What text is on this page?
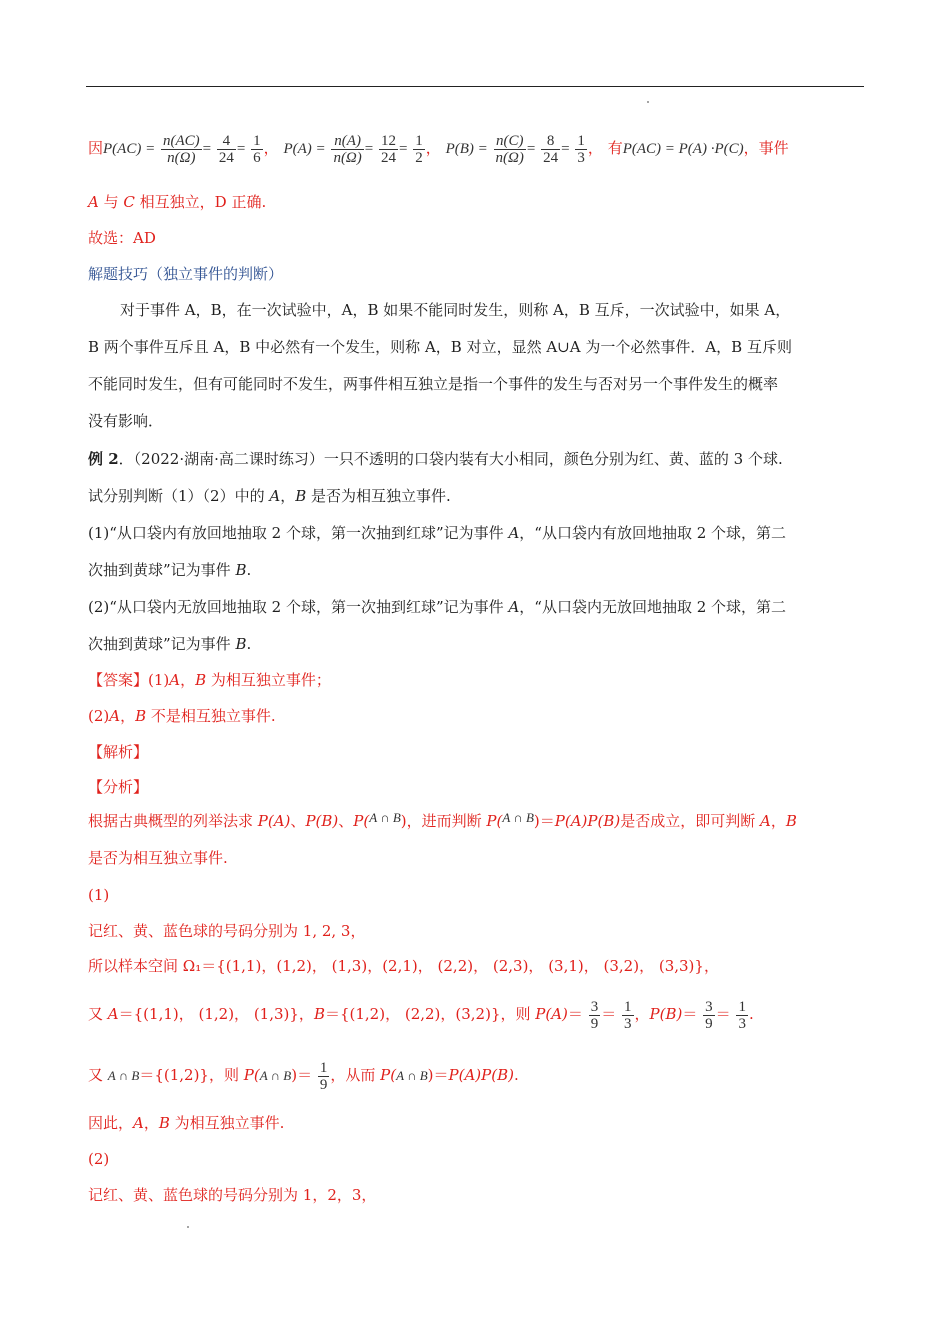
因$P(AC) = \frac{n(AC)}{n(\Omega)} = \frac{4}{24} = \frac{1}{6}$ ， $P(A) = \frac{n(A)}{n(\Omega)} = \frac{12}{24} = \frac{1}{2}$ ， $P(B) = \frac{n(C)}{n(\Omega)} = \frac{8}{24} = \frac{1}{3}$ ， 有P(AC) = P(A) ·P(C)，事件
A 与 C 相互独立，D 正确.
故选：AD
解题技巧（独立事件的判断）
对于事件 A，B，在一次试验中，A，B 如果不能同时发生，则称 A，B 互斥，一次试验中，如果 A，
B 两个事件互斥且 A，B 中必然有一个发生，则称 A，B 对立，显然 A∪A 为一个必然事件．A，B 互斥则
不能同时发生，但有可能同时不发生，两事件相互独立是指一个事件的发生与否对另一个事件发生的概率
没有影响．
例 2．（2022·湖南·高二课时练习）一只不透明的口袋内装有大小相同，颜色分别为红、黄、蓝的 3 个球.
试分别判断（1）（2）中的 A，B 是否为相互独立事件.
(1)“从口袋内有放回地抽取 2 个球，第一次抽到红球”记为事件 A，“从口袋内有放回地抽取 2 个球，第二
次抽到黄球”记为事件 B.
(2)“从口袋内无放回地抽取 2 个球，第一次抽到红球”记为事件 A，“从口袋内无放回地抽取 2 个球，第二
次抽到黄球”记为事件 B.
【答案】(1)A，B 为相互独立事件；
(2)A，B 不是相互独立事件.
【解析】
【分析】
根据古典概型的列举法求 P(A)、P(B)、P(A ∩ B)，进而判断 P(A ∩ B)＝P(A)P(B)是否成立，即可判断 A，B
是否为相互独立事件.
(1)
记红、黄、蓝色球的号码分别为 1, 2, 3，
所以样本空间 Ω₁＝{(1,1)，(1,2)， (1,3)，(2,1)， (2,2)， (2,3)， (3,1)， (3,2)， (3,3)}，
又 A＝{(1,1)， (1,2)， (1,3)}，B＝{(1,2)， (2,2)，(3,2)}，则 $P(A)= \frac{3}{9} = \frac{1}{3}$ ，$P(B)= \frac{3}{9} = \frac{1}{3}$ .
又 A ∩ B＝{(1,2)}，则 P(A ∩ $B)= \frac{1}{9}$ ，从而 P(A ∩ B)＝P(A)P(B).
因此，A，B 为相互独立事件.
(2)
记红、黄、蓝色球的号码分别为 1，2，3，
